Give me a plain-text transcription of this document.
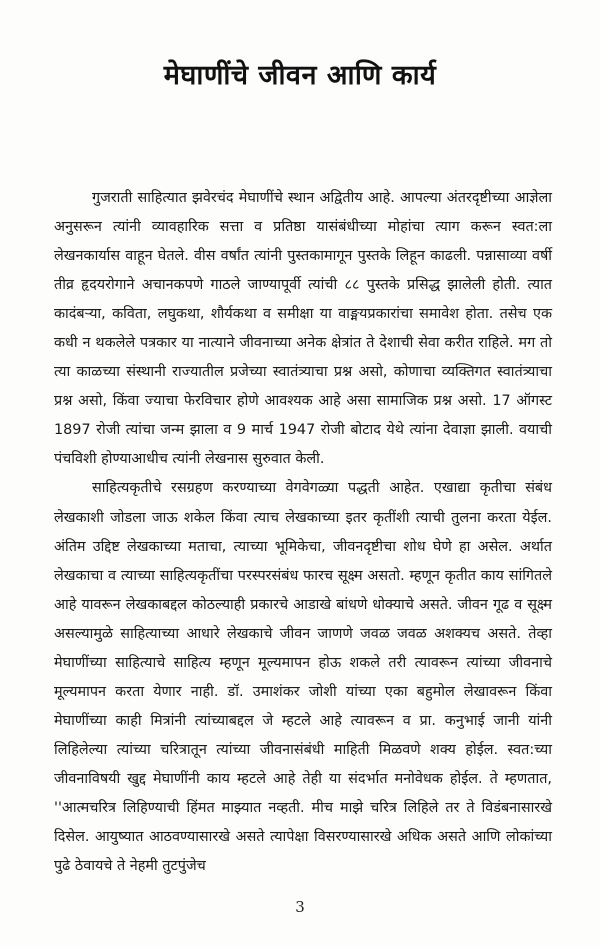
मेघाणींचे जीवन आणि कार्य

गुजराती साहित्यात झवेरचंद मेघाणींचे स्थान अद्वितीय आहे. आपल्या अंतरदृष्टीच्या आज्ञेला अनुसरून त्यांनी व्यावहारिक सत्ता व प्रतिष्ठा यासंबंधीच्या मोहांचा त्याग करून स्वत:ला लेखनकार्यास वाहून घेतले. वीस वर्षांत त्यांनी पुस्तकामागून पुस्तके लिहून काढली. पन्नासाव्या वर्षी तीव्र हृदयरोगाने अचानकपणे गाठले जाण्यापूर्वी त्यांची ८८ पुस्तके प्रसिद्ध झालेली होती. त्यात कादंबऱ्या, कविता, लघुकथा, शौर्यकथा व समीक्षा या वाङ्मयप्रकारांचा समावेश होता. तसेच एक कधी न थकलेले पत्रकार या नात्याने जीवनाच्या अनेक क्षेत्रांत ते देशाची सेवा करीत राहिले. मग तो त्या काळच्या संस्थानी राज्यातील प्रजेच्या स्वातंत्र्याचा प्रश्न असो, कोणाचा व्यक्तिगत स्वातंत्र्याचा प्रश्न असो, किंवा ज्याचा फेरविचार होणे आवश्यक आहे असा सामाजिक प्रश्न असो. 17 ऑगस्ट 1897 रोजी त्यांचा जन्म झाला व 9 मार्च 1947 रोजी बोटाद येथे त्यांना देवाज्ञा झाली. वयाची पंचविशी होण्याआधीच त्यांनी लेखनास सुरुवात केली.

साहित्यकृतीचे रसग्रहण करण्याच्या वेगवेगळ्या पद्धती आहेत. एखाद्या कृतीचा संबंध लेखकाशी जोडला जाऊ शकेल किंवा त्याच लेखकाच्या इतर कृतींशी त्याची तुलना करता येईल. अंतिम उद्दिष्ट लेखकाच्या मताचा, त्याच्या भूमिकेचा, जीवनदृष्टीचा शोध घेणे हा असेल. अर्थात लेखकाचा व त्याच्या साहित्यकृतींचा परस्परसंबंध फारच सूक्ष्म असतो. म्हणून कृतीत काय सांगितले आहे यावरून लेखकाबद्दल कोठल्याही प्रकारचे आडाखे बांधणे धोक्याचे असते. जीवन गूढ व सूक्ष्म असल्यामुळे साहित्याच्या आधारे लेखकाचे जीवन जाणणे जवळ जवळ अशक्यच असते. तेव्हा मेघाणींच्या साहित्याचे साहित्य म्हणून मूल्यमापन होऊ शकले तरी त्यावरून त्यांच्या जीवनाचे मूल्यमापन करता येणार नाही. डॉ. उमाशंकर जोशी यांच्या एका बहुमोल लेखावरून किंवा मेघाणींच्या काही मित्रांनी त्यांच्याबद्दल जे म्हटले आहे त्यावरून व प्रा. कनुभाई जानी यांनी लिहिलेल्या त्यांच्या चरित्रातून त्यांच्या जीवनासंबंधी माहिती मिळवणे शक्य होईल. स्वत:च्या जीवनाविषयी खुद्द मेघाणींनी काय म्हटले आहे तेही या संदर्भात मनोवेधक होईल. ते म्हणतात, ''आत्मचरित्र लिहिण्याची हिंमत माझ्यात नव्हती. मीच माझे चरित्र लिहिले तर ते विडंबनासारखे दिसेल. आयुष्यात आठवण्यासारखे असते त्यापेक्षा विसरण्यासारखे अधिक असते आणि लोकांच्या पुढे ठेवायचे ते नेहमी तुटपुंजेच

3
